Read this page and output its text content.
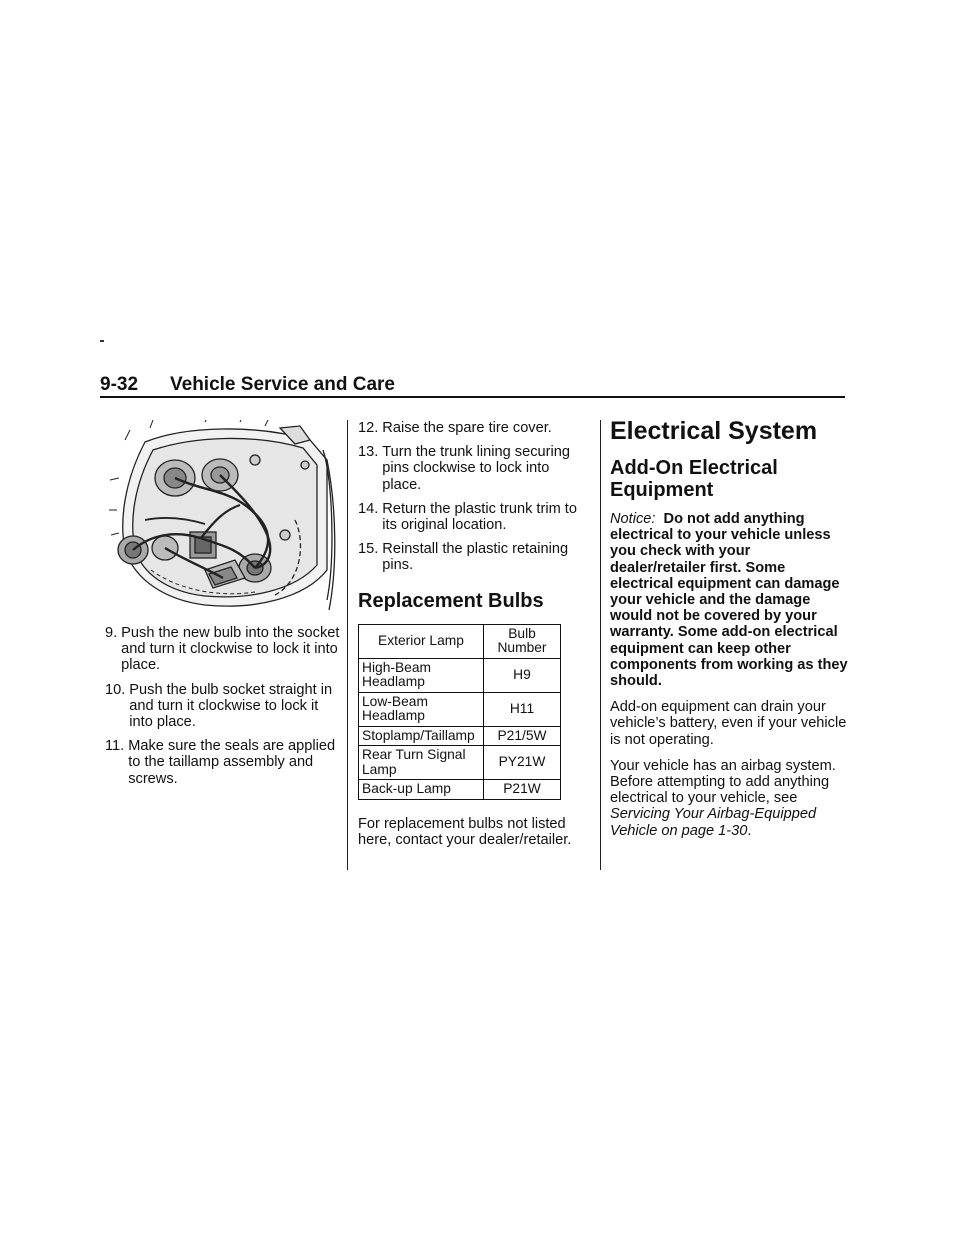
9-32 Vehicle Service and Care
9. Push the new bulb into the socket and turn it clockwise to lock it into place.
10. Push the bulb socket straight in and turn it clockwise to lock it into place.
11. Make sure the seals are applied to the taillamp assembly and screws.
12. Raise the spare tire cover.
13. Turn the trunk lining securing pins clockwise to lock into place.
14. Return the plastic trunk trim to its original location.
15. Reinstall the plastic retaining pins.
Replacement Bulbs
Exterior Lamp	Bulb Number
High-Beam Headlamp	H9
Low-Beam Headlamp	H11
Stoplamp/Taillamp	P21/5W
Rear Turn Signal Lamp	PY21W
Back-up Lamp	P21W

For replacement bulbs not listed here, contact your dealer/retailer.

Electrical System
Add-On Electrical Equipment

Notice: Do not add anything electrical to your vehicle unless you check with your dealer/retailer first. Some electrical equipment can damage your vehicle and the damage would not be covered by your warranty. Some add-on electrical equipment can keep other components from working as they should.

Add-on equipment can drain your vehicle’s battery, even if your vehicle is not operating.

Your vehicle has an airbag system. Before attempting to add anything electrical to your vehicle, see Servicing Your Airbag-Equipped Vehicle on page 1-30.
